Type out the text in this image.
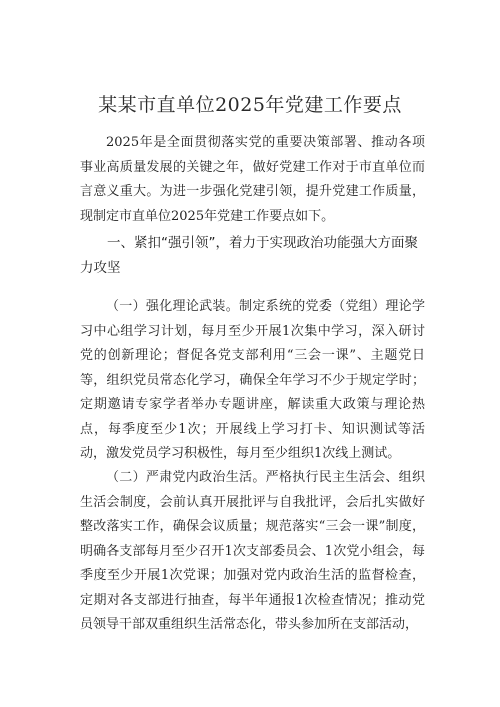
某某市直单位2025年党建工作要点

2025年是全面贯彻落实党的重要决策部署、推动各项事业高质量发展的关键之年，做好党建工作对于市直单位而言意义重大。为进一步强化党建引领，提升党建工作质量，现制定市直单位2025年党建工作要点如下。

一、紧扣“强引领”，着力于实现政治功能强大方面聚力攻坚

（一）强化理论武装。制定系统的党委（党组）理论学习中心组学习计划，每月至少开展1次集中学习，深入研讨党的创新理论；督促各党支部利用“三会一课”、主题党日等，组织党员常态化学习，确保全年学习不少于规定学时；定期邀请专家学者举办专题讲座，解读重大政策与理论热点，每季度至少1次；开展线上学习打卡、知识测试等活动，激发党员学习积极性，每月至少组织1次线上测试。

（二）严肃党内政治生活。严格执行民主生活会、组织生活会制度，会前认真开展批评与自我批评，会后扎实做好整改落实工作，确保会议质量；规范落实“三会一课”制度，明确各支部每月至少召开1次支部委员会、1次党小组会，每季度至少开展1次党课；加强对党内政治生活的监督检查，定期对各支部进行抽查，每半年通报1次检查情况；推动党员领导干部双重组织生活常态化，带头参加所在支部活动，
